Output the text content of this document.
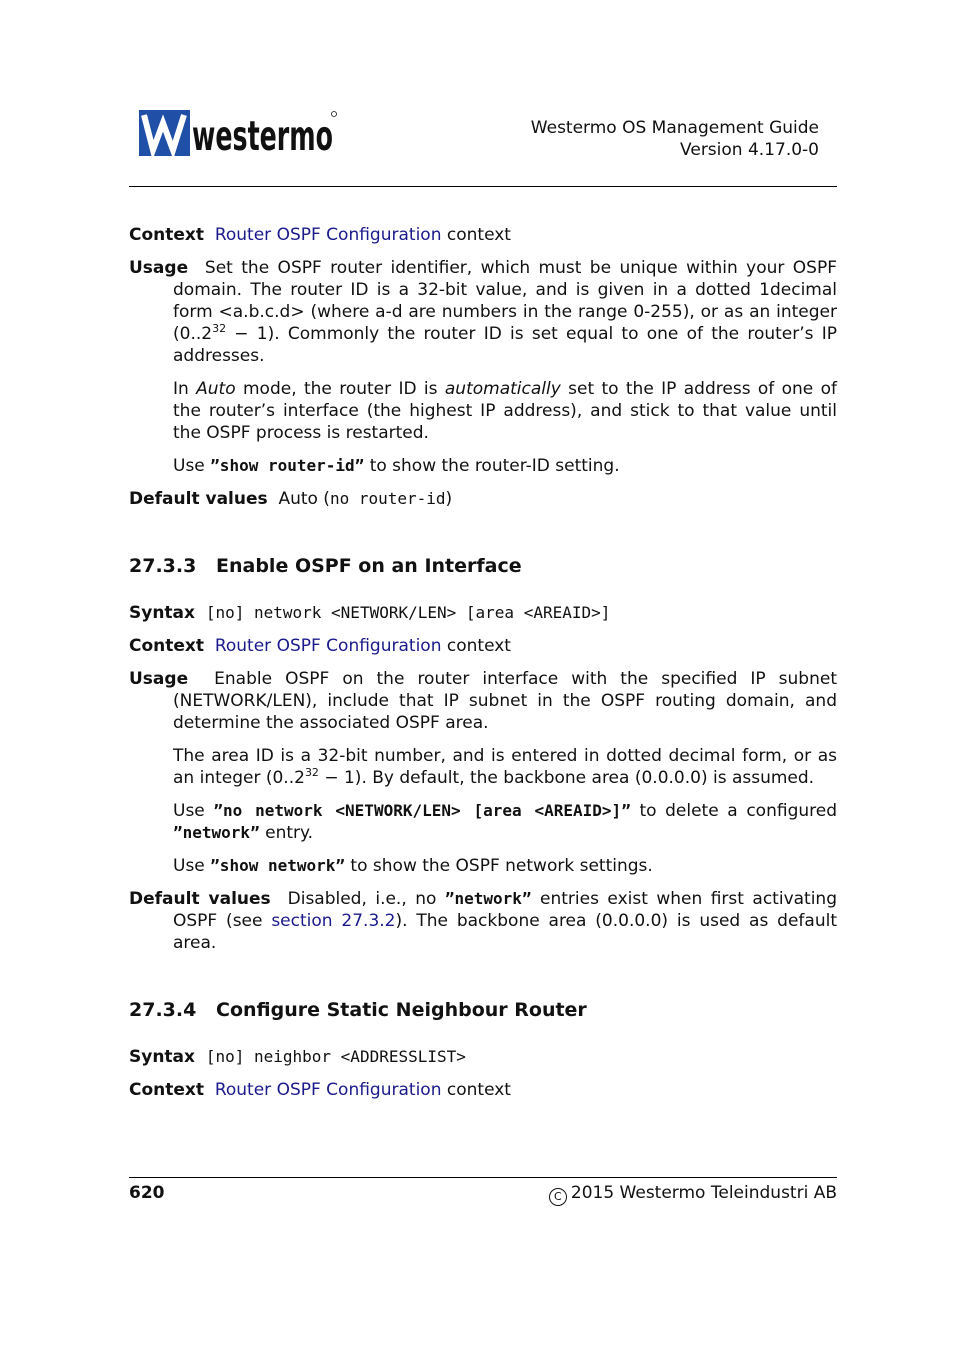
westermo	Westermo OS Management Guide
Version 4.17.0-0
Context Router OSPF Configuration context
Usage Set the OSPF router identifier, which must be unique within your OSPF domain. The router ID is a 32-bit value, and is given in a dotted 1decimal form <a.b.c.d> (where a-d are numbers in the range 0-255), or as an integer $(0..2^{32} - 1)$. Commonly the router ID is set equal to one of the router’s IP addresses.
In Auto mode, the router ID is automatically set to the IP address of one of the router’s interface (the highest IP address), and stick to that value until the OSPF process is restarted.
Use ”show router-id” to show the router-ID setting.
Default values Auto (no router-id)
27.3.3 Enable OSPF on an Interface
Syntax [no] network <NETWORK/LEN> [area <AREAID>]
Context Router OSPF Configuration context
Usage Enable OSPF on the router interface with the specified IP subnet (NETWORK/LEN), include that IP subnet in the OSPF routing domain, and determine the associated OSPF area.
The area ID is a 32-bit number, and is entered in dotted decimal form, or as an integer $(0..2^{32} - 1)$. By default, the backbone area (0.0.0.0) is assumed.
Use ”no network <NETWORK/LEN> [area <AREAID>]” to delete a configured ”network” entry.
Use ”show network” to show the OSPF network settings.
Default values Disabled, i.e., no ”network” entries exist when first activating OSPF (see section 27.3.2). The backbone area (0.0.0.0) is used as default area.
27.3.4 Configure Static Neighbour Router
Syntax [no] neighbor <ADDRESSLIST>
Context Router OSPF Configuration context
620	C 2015 Westermo Teleindustri AB
